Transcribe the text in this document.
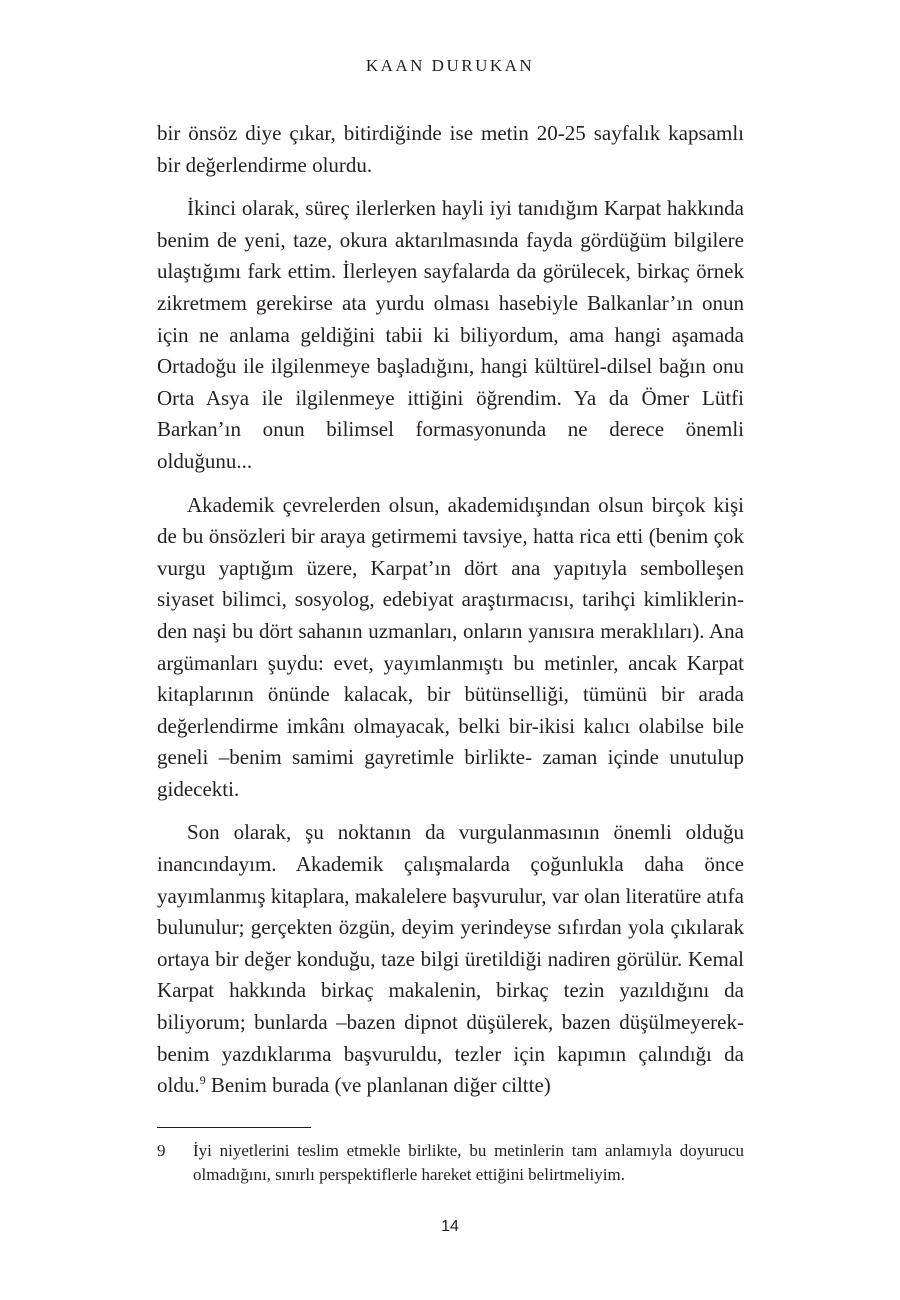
KAAN DURUKAN

bir önsöz diye çıkar, bitirdiğinde ise metin 20-25 sayfalık kapsamlı bir değerlendirme olurdu.

İkinci olarak, süreç ilerlerken hayli iyi tanıdığım Karpat hakkında benim de yeni, taze, okura aktarılmasında fayda gördüğüm bilgilere ulaştığımı fark ettim. İlerleyen sayfalarda da görülecek, birkaç örnek zikretmem gerekirse ata yurdu olması hasebiyle Balkanlar’ın onun için ne anlama geldiğini tabii ki biliyordum, ama hangi aşamada Ortadoğu ile ilgilenmeye başladığını, hangi kültürel-dilsel bağın onu Orta Asya ile ilgilenmeye ittiğini öğrendim. Ya da Ömer Lütfi Barkan’ın onun bilimsel formasyonunda ne derece önemli olduğunu...

Akademik çevrelerden olsun, akademidışından olsun birçok kişi de bu önsözleri bir araya getirmemi tavsiye, hatta rica etti (benim çok vurgu yaptığım üzere, Karpat’ın dört ana yapıtıyla sembolleşen siyaset bilimci, sosyolog, edebiyat araştırmacısı, tarihçi kimliklerinden naşi bu dört sahanın uzmanları, onların yanısıra meraklıları). Ana argümanları şuydu: evet, yayımlanmıştı bu metinler, ancak Karpat kitaplarının önünde kalacak, bir bütünselliği, tümünü bir arada değerlendirme imkânı olmayacak, belki bir-ikisi kalıcı olabilse bile geneli –benim samimi gayretimle birlikte- zaman içinde unutulup gidecekti.

Son olarak, şu noktanın da vurgulanmasının önemli olduğu inancındayım. Akademik çalışmalarda çoğunlukla daha önce yayımlanmış kitaplara, makalelere başvurulur, var olan literatüre atıfa bulunulur; gerçekten özgün, deyim yerindeyse sıfırdan yola çıkılarak ortaya bir değer konduğu, taze bilgi üretildiği nadiren görülür. Kemal Karpat hakkında birkaç makalenin, birkaç tezin yazıldığını da biliyorum; bunlarda –bazen dipnot düşülerek, bazen düşülmeyerek- benim yazdıklarıma başvuruldu, tezler için kapımın çalındığı da oldu.$^9$ Benim burada (ve planlanan diğer ciltte)

9 İyi niyetlerini teslim etmekle birlikte, bu metinlerin tam anlamıyla doyurucu olmadığını, sınırlı perspektiflerle hareket ettiğini belirtmeliyim.
14
